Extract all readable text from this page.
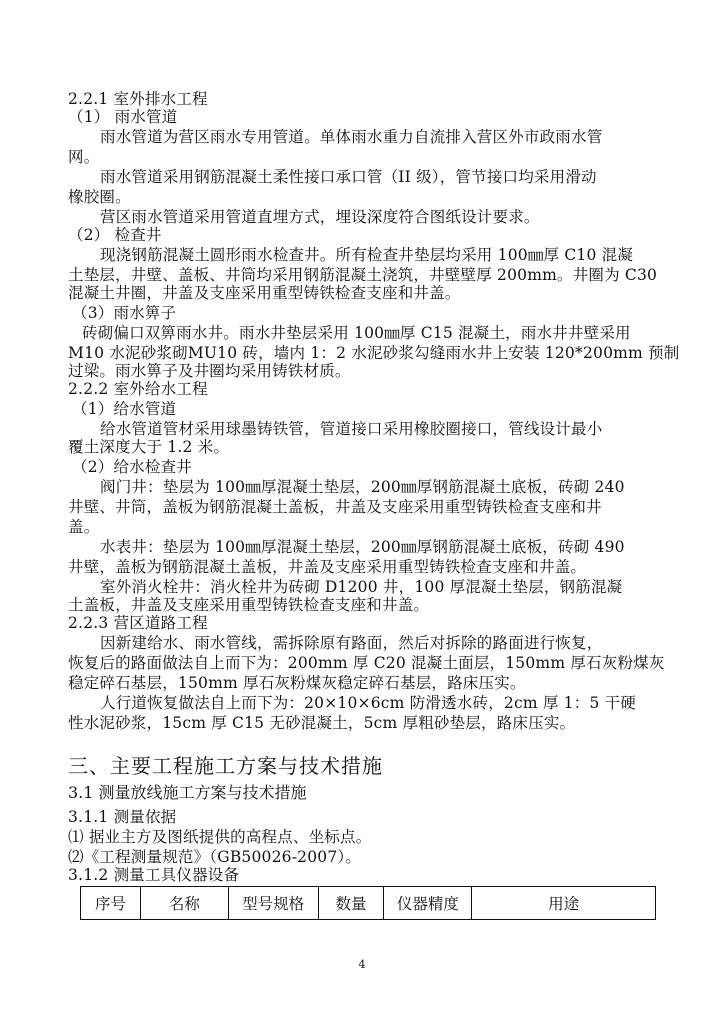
2.2.1 室外排水工程
（1） 雨水管道
雨水管道为营区雨水专用管道。单体雨水重力自流排入营区外市政雨水管
网。
雨水管道采用钢筋混凝土柔性接口承口管（II 级），管节接口均采用滑动
橡胶圈。
营区雨水管道采用管道直埋方式，埋设深度符合图纸设计要求。
（2） 检查井
现浇钢筋混凝土圆形雨水检查井。所有检查井垫层均采用 100㎜厚 C10 混凝
土垫层，井壁、盖板、井筒均采用钢筋混凝土浇筑，井壁壁厚 200mm。井圈为 C30
混凝土井圈，井盖及支座采用重型铸铁检查支座和井盖。
（3）雨水箅子
砖砌偏口双箅雨水井。雨水井垫层采用 100㎜厚 C15 混凝土，雨水井井壁采用
M10 水泥砂浆砌MU10 砖，墙内 1：2 水泥砂浆勾缝雨水井上安装 120*200mm 预制
过梁。雨水箅子及井圈均采用铸铁材质。
2.2.2 室外给水工程
（1）给水管道
给水管道管材采用球墨铸铁管，管道接口采用橡胶圈接口，管线设计最小
覆土深度大于 1.2 米。
（2）给水检查井
阀门井：垫层为 100㎜厚混凝土垫层，200㎜厚钢筋混凝土底板，砖砌 240
井壁、井筒，盖板为钢筋混凝土盖板，井盖及支座采用重型铸铁检查支座和井
盖。
水表井：垫层为 100㎜厚混凝土垫层，200㎜厚钢筋混凝土底板，砖砌 490
井壁，盖板为钢筋混凝土盖板，井盖及支座采用重型铸铁检查支座和井盖。
室外消火栓井：消火栓井为砖砌 D1200 井，100 厚混凝土垫层，钢筋混凝
土盖板，井盖及支座采用重型铸铁检查支座和井盖。
2.2.3 营区道路工程
因新建给水、雨水管线，需拆除原有路面，然后对拆除的路面进行恢复，
恢复后的路面做法自上而下为：200mm 厚 C20 混凝土面层，150mm 厚石灰粉煤灰
稳定碎石基层，150mm 厚石灰粉煤灰稳定碎石基层，路床压实。
人行道恢复做法自上而下为：20×10×6cm 防滑透水砖，2cm 厚 1：5 干硬
性水泥砂浆，15cm 厚 C15 无砂混凝土，5cm 厚粗砂垫层，路床压实。
三、主要工程施工方案与技术措施
3.1 测量放线施工方案与技术措施
3.1.1 测量依据
⑴ 据业主方及图纸提供的高程点、坐标点。
⑵《工程测量规范》（GB50026-2007）。
3.1.2 测量工具仪器设备
序号	名称	型号规格	数量	仪器精度	用途
4
